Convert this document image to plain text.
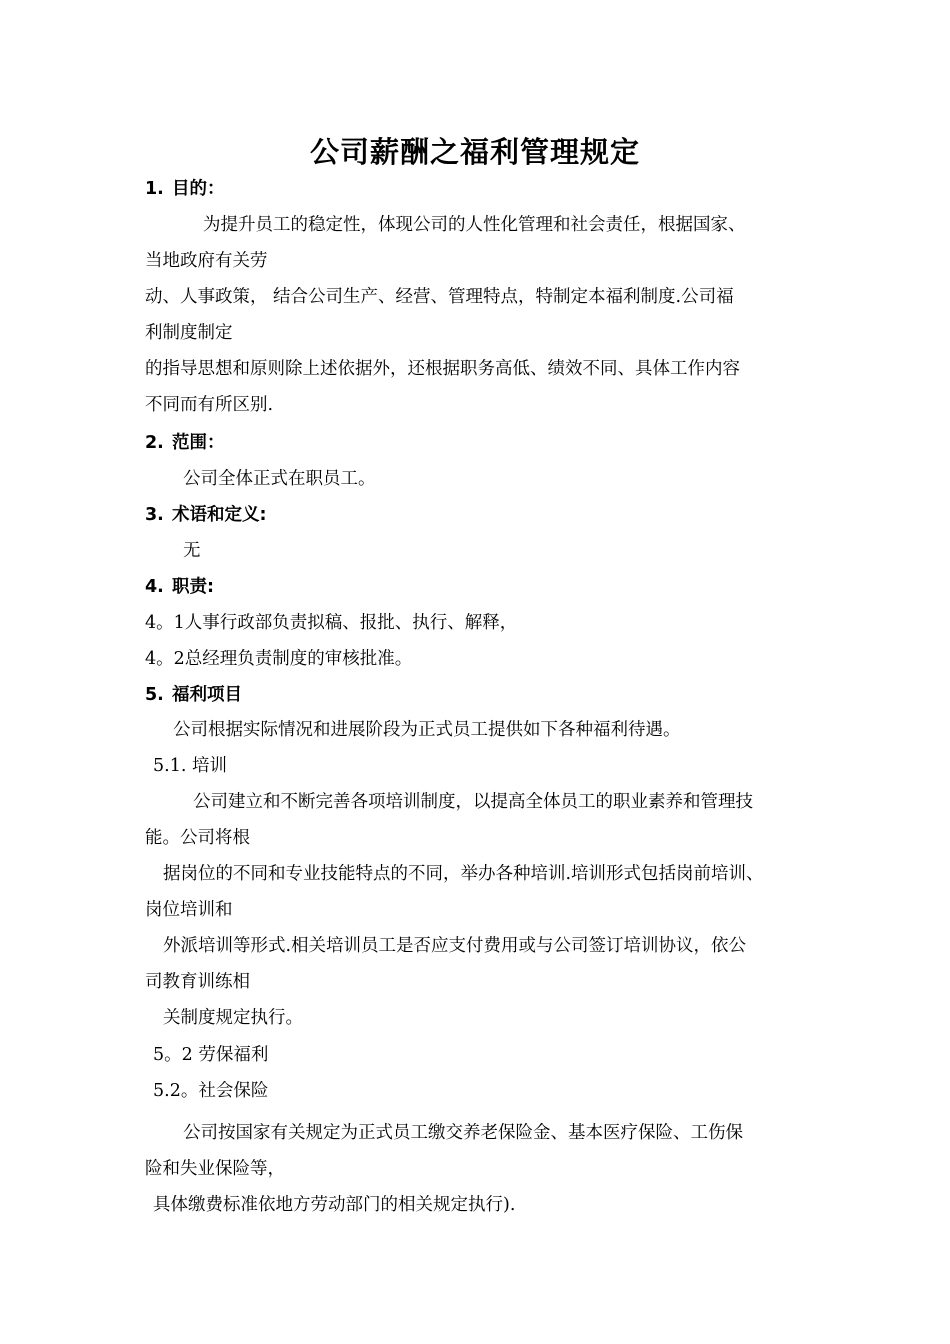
公司薪酬之福利管理规定
1. 目的：
为提升员工的稳定性，体现公司的人性化管理和社会责任，根据国家、
当地政府有关劳
动、人事政策， 结合公司生产、经营、管理特点，特制定本福利制度.公司福
利制度制定
的指导思想和原则除上述依据外，还根据职务高低、绩效不同、具体工作内容
不同而有所区别.
2. 范围：
公司全体正式在职员工。
3. 术语和定义:
无
4. 职责:
4。1人事行政部负责拟稿、报批、执行、解释，
4。2总经理负责制度的审核批准。
5. 福利项目
公司根据实际情况和进展阶段为正式员工提供如下各种福利待遇。
5.1. 培训
公司建立和不断完善各项培训制度，以提高全体员工的职业素养和管理技
能。公司将根
据岗位的不同和专业技能特点的不同，举办各种培训.培训形式包括岗前培训、
岗位培训和
外派培训等形式.相关培训员工是否应支付费用或与公司签订培训协议，依公
司教育训练相
关制度规定执行。
5。2 劳保福利
5.2。社会保险
公司按国家有关规定为正式员工缴交养老保险金、基本医疗保险、工伤保
险和失业保险等，
具体缴费标准依地方劳动部门的相关规定执行).
